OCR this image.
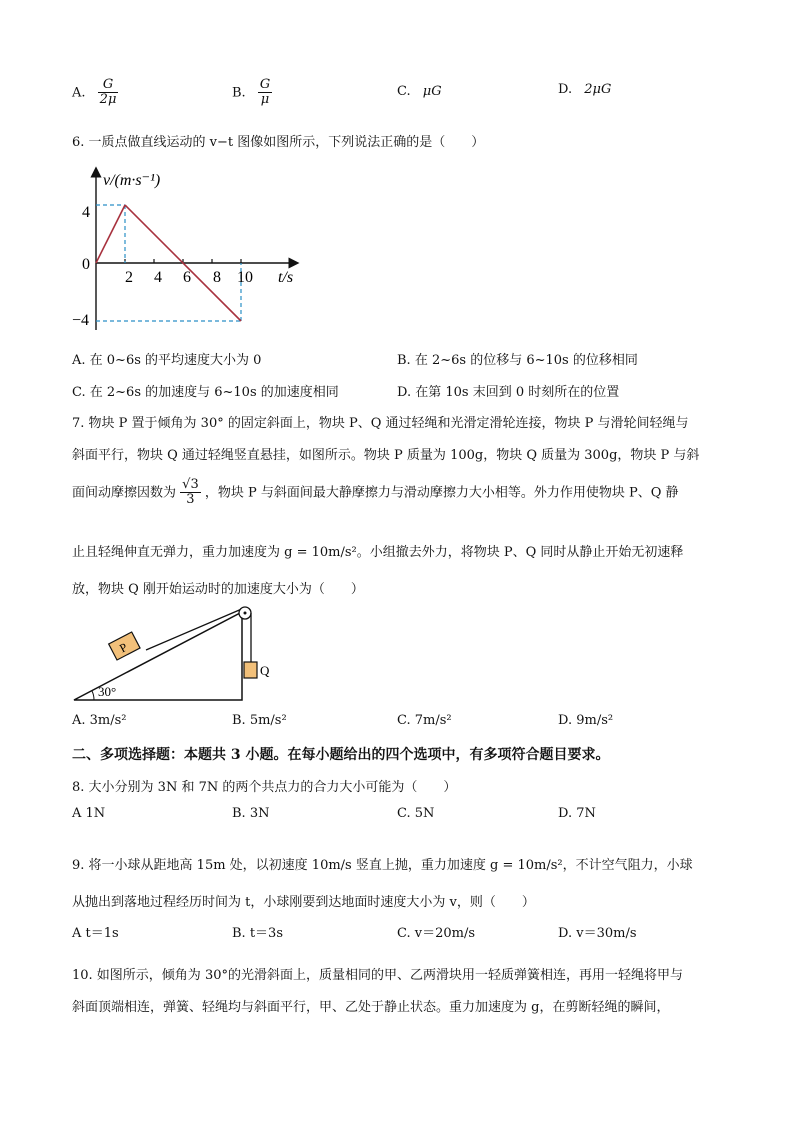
A. $\frac{G}{2\mu}$	B. $\frac{G}{\mu}$	C. μG	D. 2μG
6. 一质点做直线运动的 v−t 图像如图所示，下列说法正确的是（　　）
v/(m·s⁻¹)
t/s
4
0
−4
2 4 6 8 10
A. 在 0~6s 的平均速度大小为 0	B. 在 2~6s 的位移与 6~10s 的位移相同
C. 在 2~6s 的加速度与 6~10s 的加速度相同	D. 在第 10s 末回到 0 时刻所在的位置
7. 物块 P 置于倾角为 30° 的固定斜面上，物块 P、Q 通过轻绳和光滑定滑轮连接，物块 P 与滑轮间轻绳与
斜面平行，物块 Q 通过轻绳竖直悬挂，如图所示。物块 P 质量为 100g，物块 Q 质量为 300g，物块 P 与斜
面间动摩擦因数为 $\frac{√3}{3}$ ，物块 P 与斜面间最大静摩擦力与滑动摩擦力大小相等。外力作用使物块 P、Q 静
止且轻绳伸直无弹力，重力加速度为 g = 10m/s²。小组撤去外力，将物块 P、Q 同时从静止开始无初速释
放，物块 Q 刚开始运动时的加速度大小为（　　）
Q
P
30°
A. 3m/s²	B. 5m/s²	C. 7m/s²	D. 9m/s²
二、多项选择题：本题共 3 小题。在每小题给出的四个选项中，有多项符合题目要求。
8. 大小分别为 3N 和 7N 的两个共点力的合力大小可能为（　　）
A 1N	B. 3N	C. 5N	D. 7N
9. 将一小球从距地高 15m 处，以初速度 10m/s 竖直上抛，重力加速度 g = 10m/s²，不计空气阻力，小球
从抛出到落地过程经历时间为 t，小球刚要到达地面时速度大小为 v，则（　　）
A t＝1s	B. t＝3s	C. v＝20m/s	D. v＝30m/s
10. 如图所示，倾角为 30°的光滑斜面上，质量相同的甲、乙两滑块用一轻质弹簧相连，再用一轻绳将甲与
斜面顶端相连，弹簧、轻绳均与斜面平行，甲、乙处于静止状态。重力加速度为 g，在剪断轻绳的瞬间，
